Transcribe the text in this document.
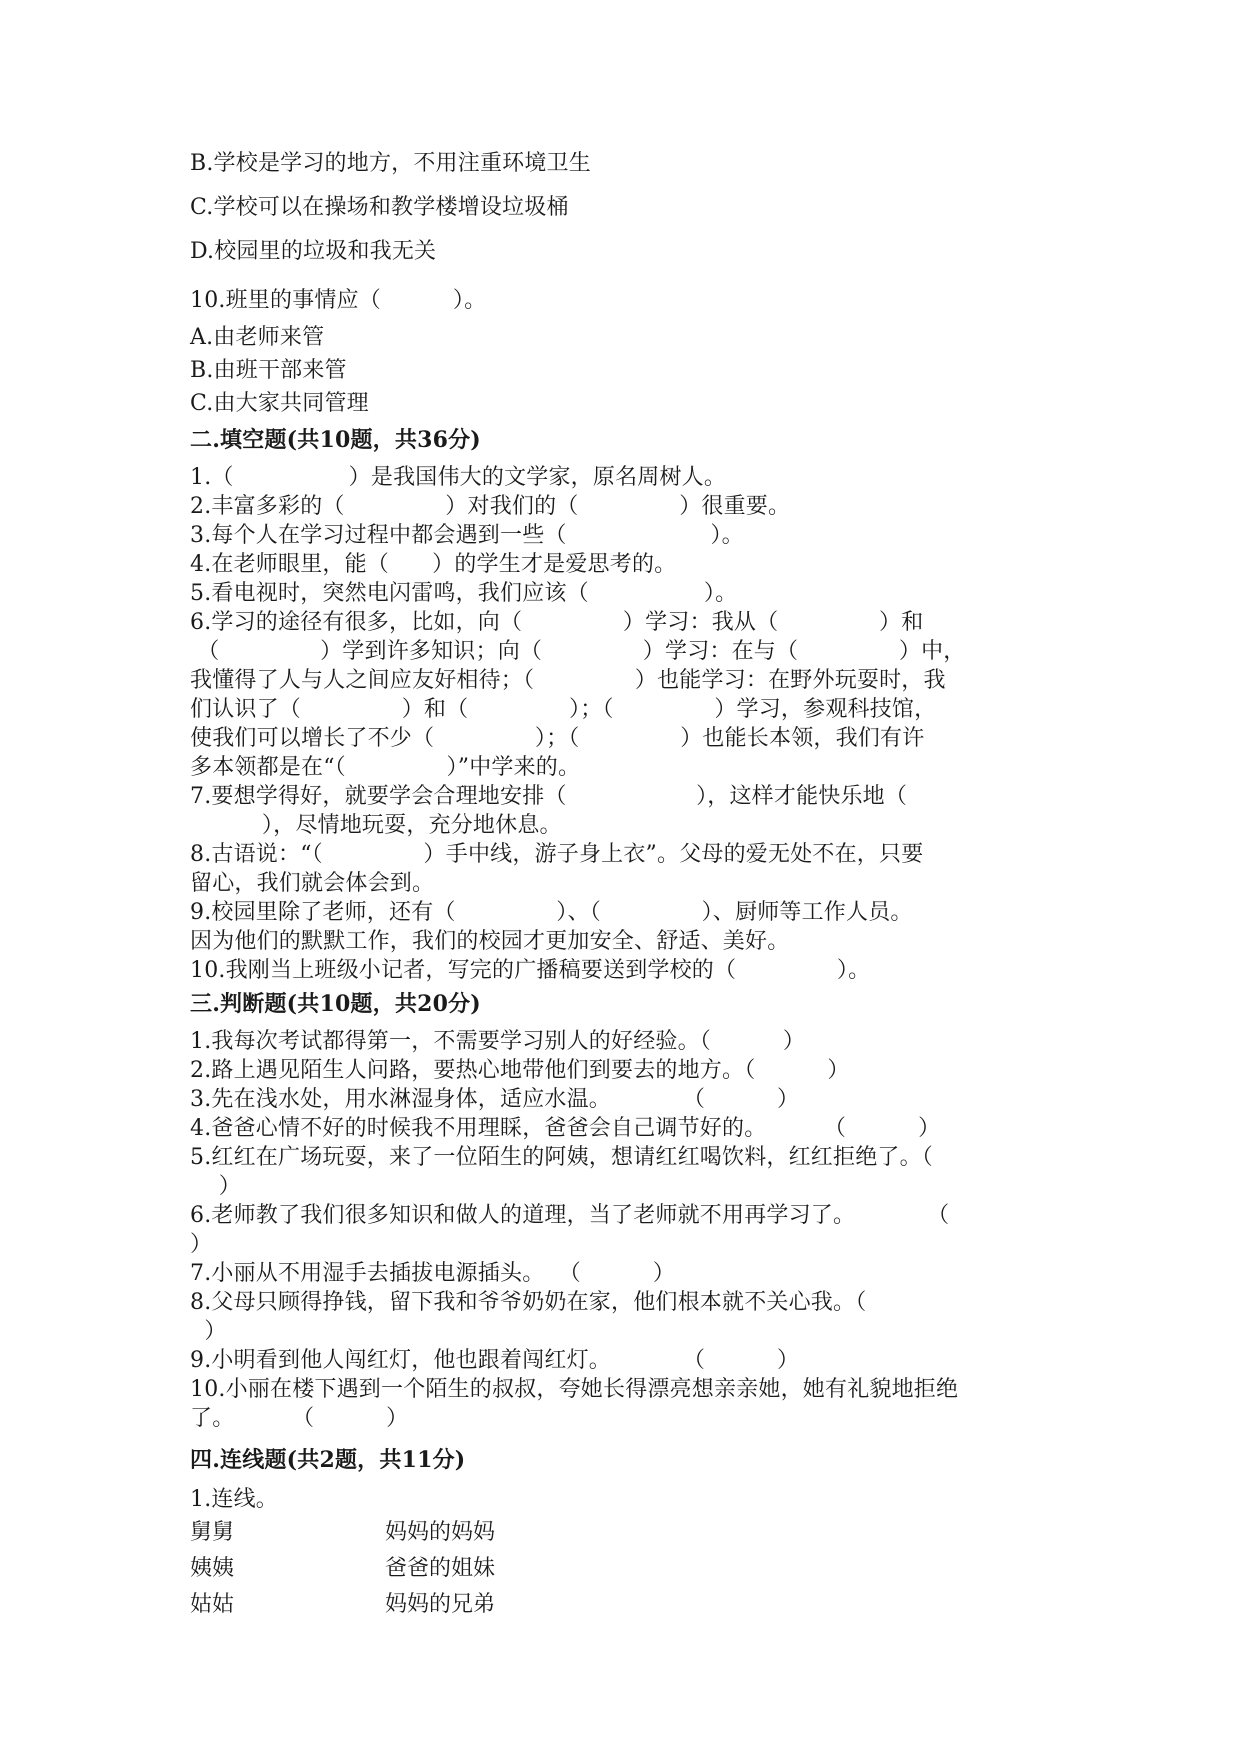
B.学校是学习的地方，不用注重环境卫生
C.学校可以在操场和教学楼增设垃圾桶
D.校园里的垃圾和我无关
10.班里的事情应（          ）。
A.由老师来管
B.由班干部来管
C.由大家共同管理
二.填空题(共10题，共36分)
1.（                ）是我国伟大的文学家，原名周树人。
2.丰富多彩的（              ）对我们的（              ）很重要。
3.每个人在学习过程中都会遇到一些（                    ）。
4.在老师眼里，能（      ）的学生才是爱思考的。
5.看电视时，突然电闪雷鸣，我们应该（                ）。
6.学习的途径有很多，比如，向（              ）学习：我从（              ）和
（              ）学到许多知识；向（              ）学习：在与（              ）中，
我懂得了人与人之间应友好相待；（              ）也能学习：在野外玩耍时，我
们认识了（              ）和（              ）；（              ）学习，参观科技馆，
使我们可以增长了不少（              ）；（              ）也能长本领，我们有许
多本领都是在“（              ）”中学来的。
7.要想学得好，就要学会合理地安排（                  ），这样才能快乐地（
），尽情地玩耍，充分地休息。
8.古语说：“（              ）手中线，游子身上衣”。父母的爱无处不在，只要
留心，我们就会体会到。
9.校园里除了老师，还有（              ）、（              ）、厨师等工作人员。
因为他们的默默工作，我们的校园才更加安全、舒适、美好。
10.我刚当上班级小记者，写完的广播稿要送到学校的（              ）。
三.判断题(共10题，共20分)
1.我每次考试都得第一，不需要学习别人的好经验。（          ）
2.路上遇见陌生人问路，要热心地带他们到要去的地方。（          ）
3.先在浅水处，用水淋湿身体，适应水温。          （          ）
4.爸爸心情不好的时候我不用理睬，爸爸会自己调节好的。        （          ）
5.红红在广场玩耍，来了一位陌生的阿姨，想请红红喝饮料，红红拒绝了。（
）
6.老师教了我们很多知识和做人的道理，当了老师就不用再学习了。          （
）
7.小丽从不用湿手去插拔电源插头。  （          ）
8.父母只顾得挣钱，留下我和爷爷奶奶在家，他们根本就不关心我。（
）
9.小明看到他人闯红灯，他也跟着闯红灯。          （          ）
10.小丽在楼下遇到一个陌生的叔叔，夸她长得漂亮想亲亲她，她有礼貌地拒绝
了。        （          ）
四.连线题(共2题，共11分)
1.连线。
舅舅	妈妈的妈妈
姨姨	爸爸的姐妹
姑姑	妈妈的兄弟
